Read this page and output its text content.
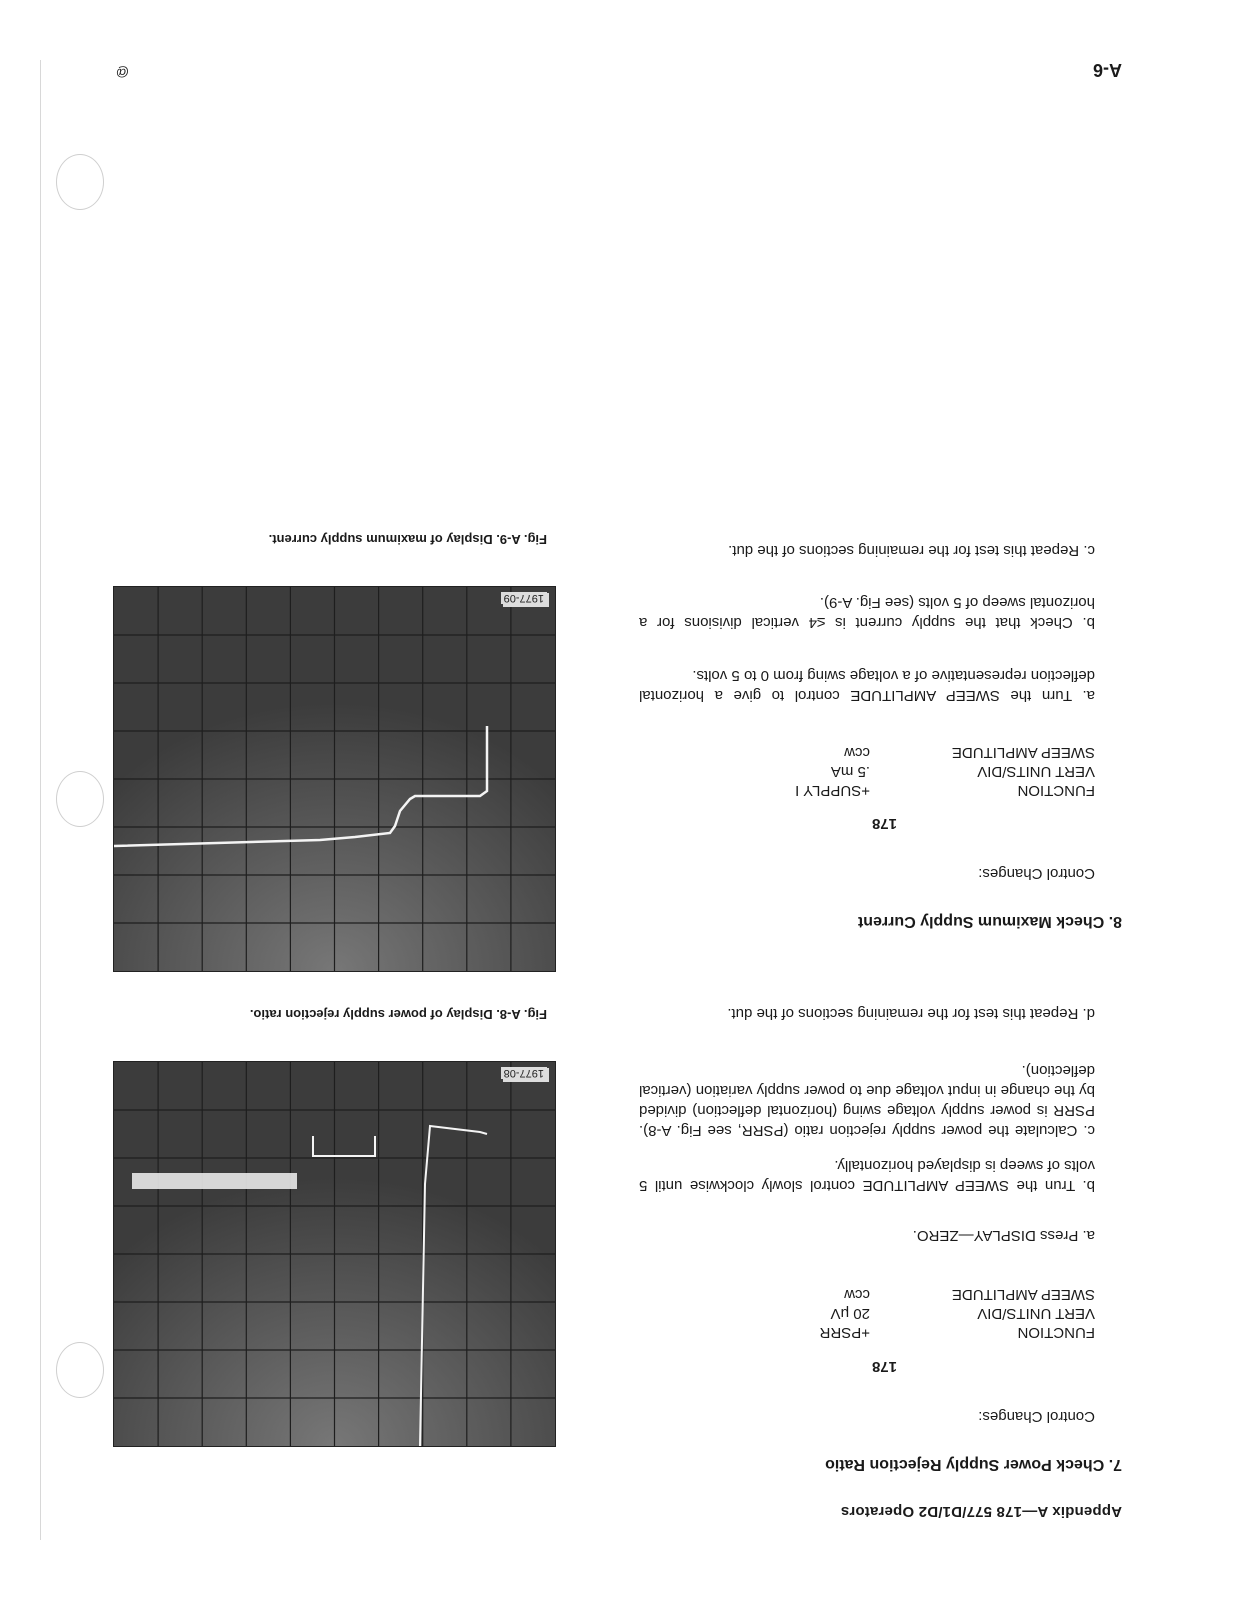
Appendix A—178 577/D1/D2 Operators
7. Check Power Supply Rejection Ratio
Control Changes:
178
FUNCTION
+PSRR
VERT UNITS/DIV
20 μV
SWEEP AMPLITUDE
ccw
a. Press DISPLAY—ZERO.
b. Trun the SWEEP AMPLITUDE control slowly clockwise until 5 volts of sweep is displayed horizontally.
c. Calculate the power supply rejection ratio (PSRR, see Fig. A-8). PSRR is power supply voltage swing (horizontal deflection) divided by the change in input voltage due to power supply variation (vertical deflection).
d. Repeat this test for the remaining sections of the dut.
8. Check Maximum Supply Current
Control Changes:
178
FUNCTION
+SUPPLY I
VERT UNITS/DIV
.5 mA
SWEEP AMPLITUDE
ccw
a. Turn the SWEEP AMPLITUDE control to give a horizontal deflection representative of a voltage swing from 0 to 5 volts.
b. Check that the supply current is ≤4 vertical divisions for a horizontal sweep of 5 volts (see Fig. A-9).
c. Repeat this test for the remaining sections of the dut.
1977-08
Fig. A-8. Display of power supply rejection ratio.
1977-09
Fig. A-9. Display of maximum supply current.
A-6
@
